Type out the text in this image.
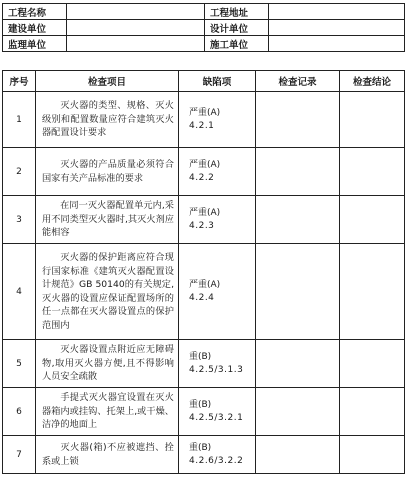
工程名称		工程地址	
建设单位		设计单位	
监理单位		施工单位	
序号	检查项目	缺陷项	检查记录	检查结论
1	灭火器的类型、规格、灭火级别和配置数量应符合建筑灭火器配置设计要求	严重(A)
4.2.1		

2	灭火器的产品质量必须符合国家有关产品标准的要求	严重(A)
4.2.2		

3	在同一灭火器配置单元内,采用不同类型灭火器时,其灭火剂应能相容	严重(A)
4.2.3		

4	灭火器的保护距离应符合现行国家标准《建筑灭火器配置设计规范》GB 50140的有关规定,灭火器的设置应保证配置场所的任一点都在灭火器设置点的保护范围内	严重(A)
4.2.4		

5	灭火器设置点附近应无障碍物,取用灭火器方便,且不得影响人员安全疏散	重(B)
4.2.5/3.1.3		

6	手提式灭火器宜设置在灭火器箱内或挂钩、托架上,或干燥、洁净的地面上	重(B)
4.2.5/3.2.1		

7	灭火器(箱)不应被遮挡、拴系或上锁	重(B)
4.2.6/3.2.2		
